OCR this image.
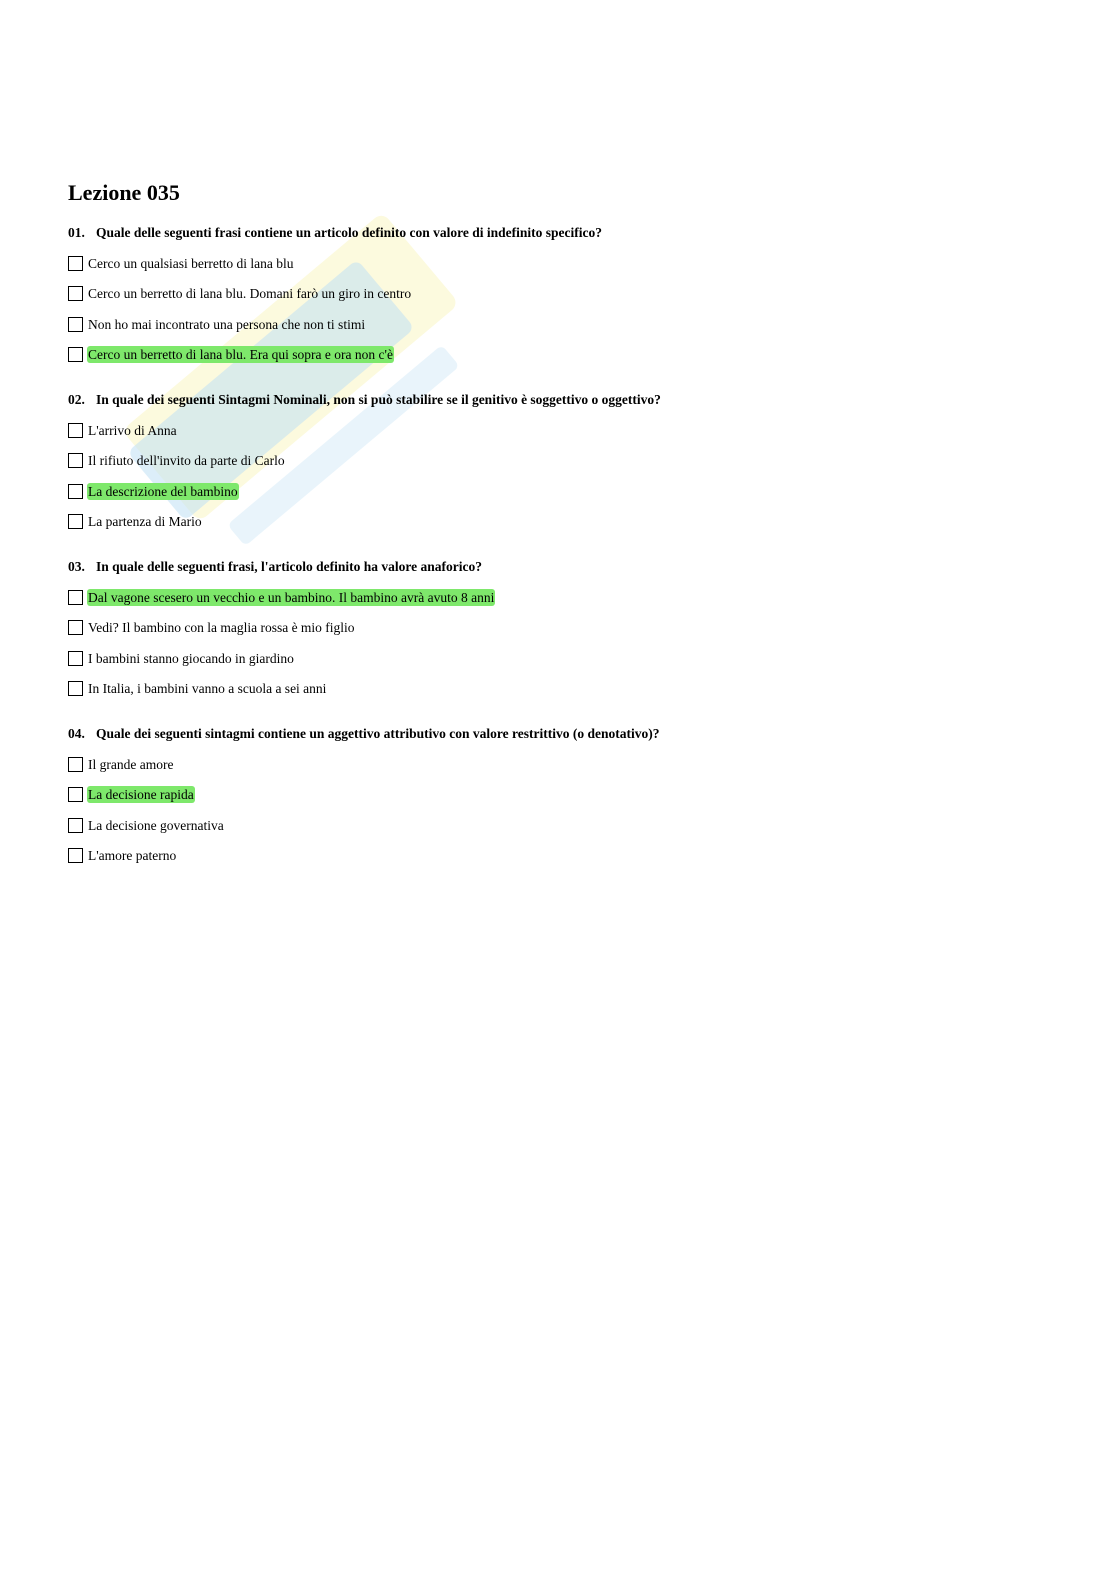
Lezione 035
01. Quale delle seguenti frasi contiene un articolo definito con valore di indefinito specifico?
Cerco un qualsiasi berretto di lana blu
Cerco un berretto di lana blu. Domani farò un giro in centro
Non ho mai incontrato una persona che non ti stimi
Cerco un berretto di lana blu. Era qui sopra e ora non c'è
02. In quale dei seguenti Sintagmi Nominali, non si può stabilire se il genitivo è soggettivo o oggettivo?
L'arrivo di Anna
Il rifiuto dell'invito da parte di Carlo
La descrizione del bambino
La partenza di Mario
03. In quale delle seguenti frasi, l'articolo definito ha valore anaforico?
Dal vagone scesero un vecchio e un bambino. Il bambino avrà avuto 8 anni
Vedi? Il bambino con la maglia rossa è mio figlio
I bambini stanno giocando in giardino
In Italia, i bambini vanno a scuola a sei anni
04. Quale dei seguenti sintagmi contiene un aggettivo attributivo con valore restrittivo (o denotativo)?
Il grande amore
La decisione rapida
La decisione governativa
L'amore paterno
